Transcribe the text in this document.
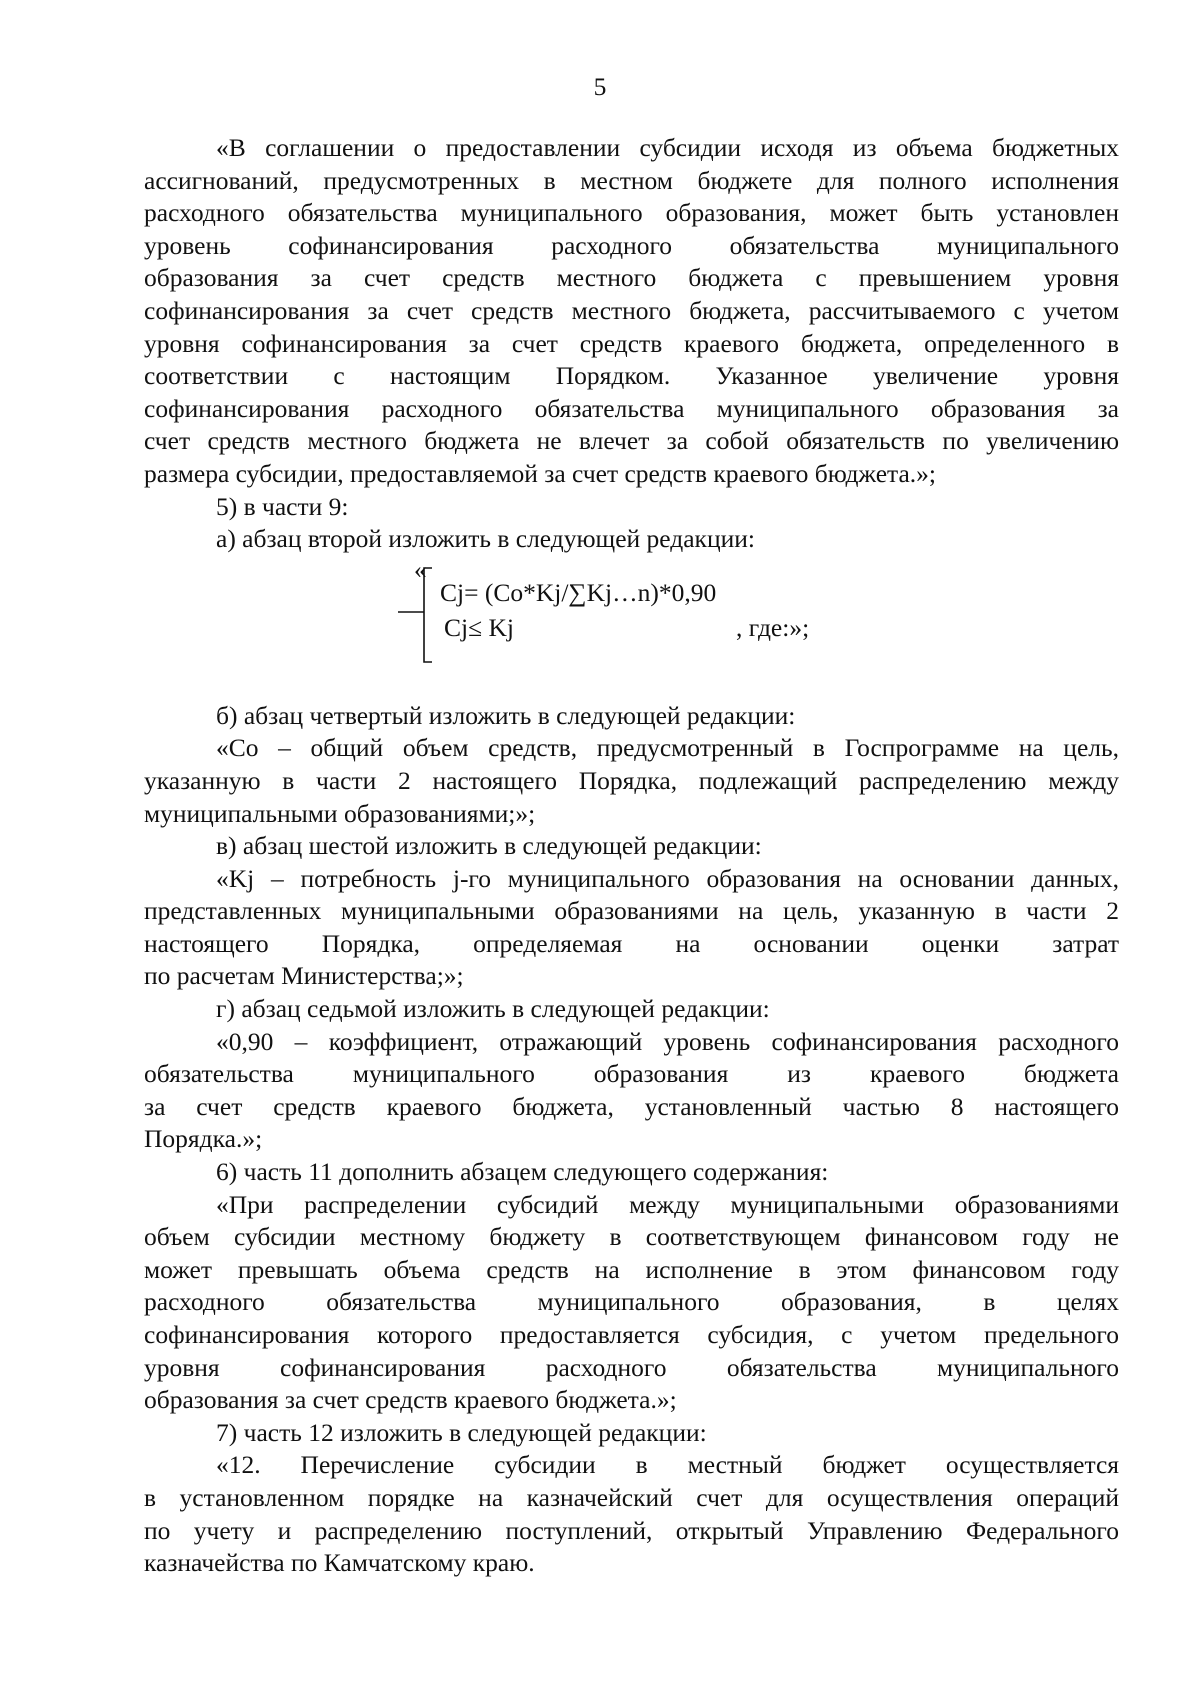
5
«В соглашении о предоставлении субсидии исходя из объема бюджетных
ассигнований, предусмотренных в местном бюджете для полного исполнения
расходного обязательства муниципального образования, может быть установлен
уровень софинансирования расходного обязательства муниципального
образования за счет средств местного бюджета с превышением уровня
софинансирования за счет средств местного бюджета, рассчитываемого с учетом
уровня софинансирования за счет средств краевого бюджета, определенного в
соответствии с настоящим Порядком. Указанное увеличение уровня
софинансирования расходного обязательства муниципального образования за
счет средств местного бюджета не влечет за собой обязательств по увеличению
размера субсидии, предоставляемой за счет средств краевого бюджета.»;
5) в части 9:
а) абзац второй изложить в следующей редакции:
«
Cj= (Co*Kj/∑Kj…n)*0,90
Cj≤ Kj	, где:»;
б) абзац четвертый изложить в следующей редакции:
«Co – общий объем средств, предусмотренный в Госпрограмме на цель,
указанную в части 2 настоящего Порядка, подлежащий распределению между
муниципальными образованиями;»;
в) абзац шестой изложить в следующей редакции:
«Kj – потребность j-го муниципального образования на основании данных,
представленных муниципальными образованиями на цель, указанную в части 2
настоящего Порядка, определяемая на основании оценки затрат
по расчетам Министерства;»;
г) абзац седьмой изложить в следующей редакции:
«0,90 – коэффициент, отражающий уровень софинансирования расходного
обязательства муниципального образования из краевого бюджета
за счет средств краевого бюджета, установленный частью 8 настоящего
Порядка.»;
6) часть 11 дополнить абзацем следующего содержания:
«При распределении субсидий между муниципальными образованиями
объем субсидии местному бюджету в соответствующем финансовом году не
может превышать объема средств на исполнение в этом финансовом году
расходного обязательства муниципального образования, в целях
софинансирования которого предоставляется субсидия, с учетом предельного
уровня софинансирования расходного обязательства муниципального
образования за счет средств краевого бюджета.»;
7) часть 12 изложить в следующей редакции:
«12. Перечисление субсидии в местный бюджет осуществляется
в установленном порядке на казначейский счет для осуществления операций
по учету и распределению поступлений, открытый Управлению Федерального
казначейства по Камчатскому краю.
